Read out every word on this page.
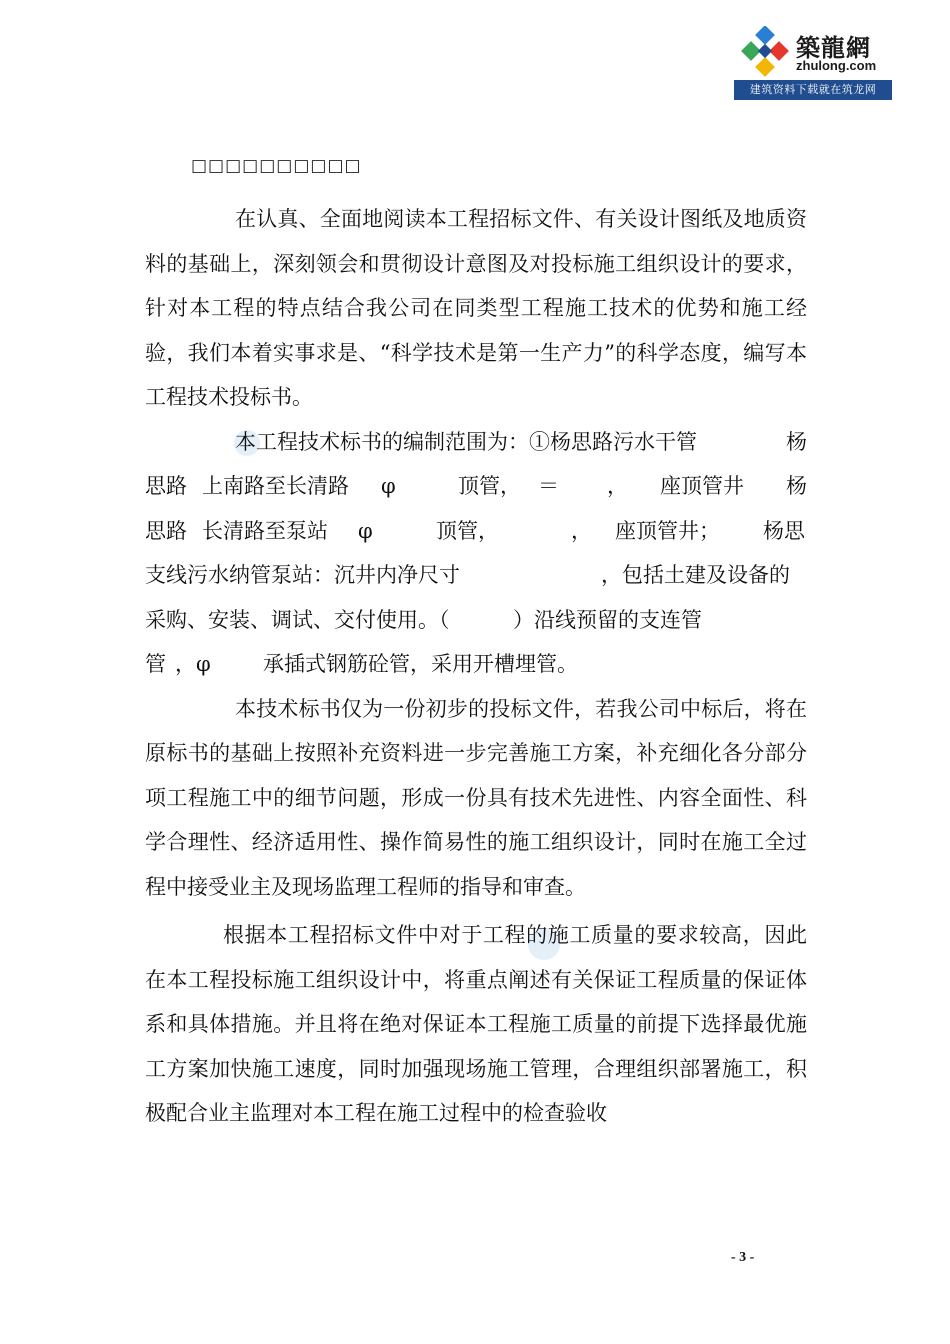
築龍網
zhulong.com
建筑资料下载就在筑龙网
□□□□□□□□□□

在认真、全面地阅读本工程招标文件、有关设计图纸及地质资料的基础上，深刻领会和贯彻设计意图及对投标施工组织设计的要求，针对本工程的特点结合我公司在同类型工程施工技术的优势和施工经验，我们本着实事求是、“科学技术是第一生产力”的科学态度，编写本工程技术投标书。

本工程技术标书的编制范围为：①杨思路污水干管	杨
思路 上南路至长清路 φ	顶管， ＝ ， 座顶管井 杨
思路 长清路至泵站 φ	顶管，	， 座顶管井； 杨思
支线污水纳管泵站：沉井内净尺寸	，包括土建及设备的
采购、安装、调试、交付使用。（	）沿线预留的支连管
管 ，φ 承插式钢筋砼管，采用开槽埋管。

本技术标书仅为一份初步的投标文件，若我公司中标后，将在原标书的基础上按照补充资料进一步完善施工方案，补充细化各分部分项工程施工中的细节问题，形成一份具有技术先进性、内容全面性、科学合理性、经济适用性、操作简易性的施工组织设计，同时在施工全过程中接受业主及现场监理工程师的指导和审查。

根据本工程招标文件中对于工程的施工质量的要求较高，因此在本工程投标施工组织设计中，将重点阐述有关保证工程质量的保证体系和具体措施。并且将在绝对保证本工程施工质量的前提下选择最优施工方案加快施工速度，同时加强现场施工管理，合理组织部署施工，积极配合业主监理对本工程在施工过程中的检查验收

- 3 -
